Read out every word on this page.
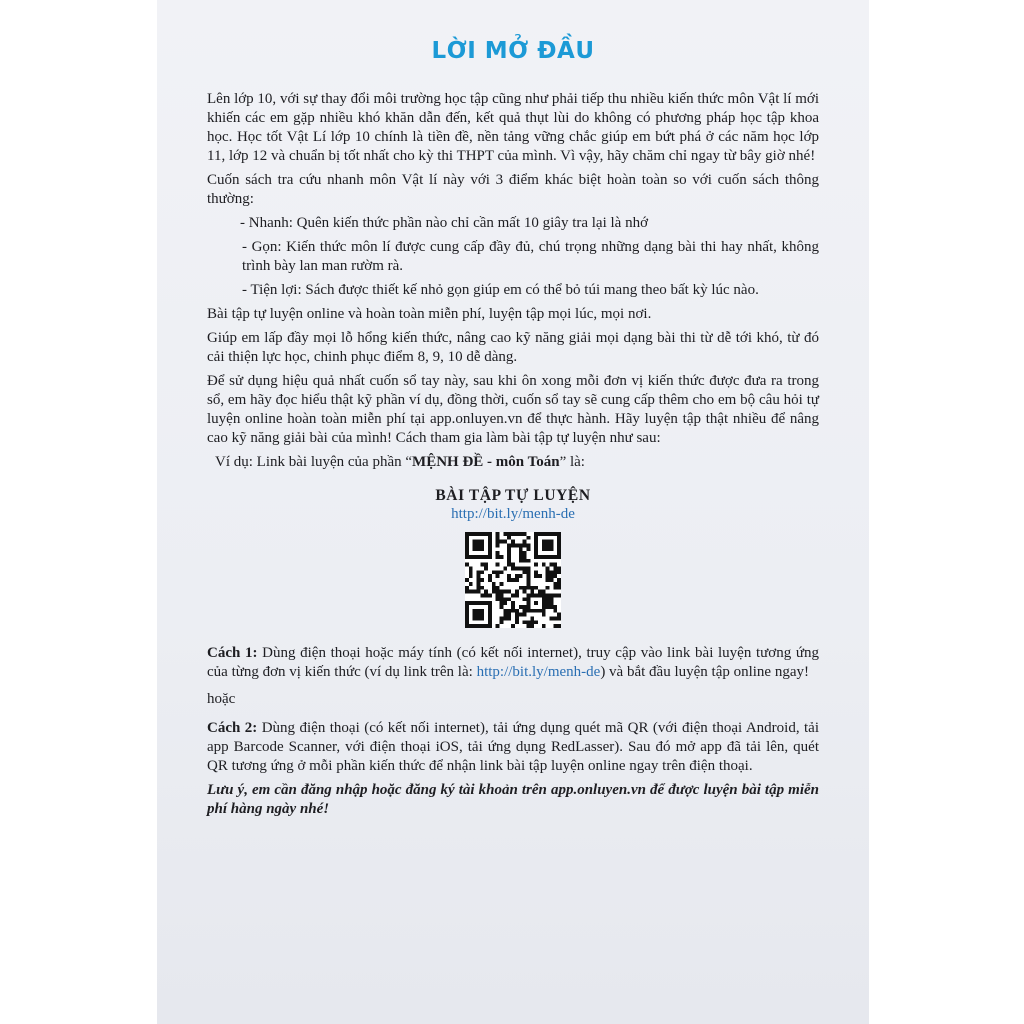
LỜI MỞ ĐẦU

Lên lớp 10, với sự thay đổi môi trường học tập cũng như phải tiếp thu nhiều kiến thức môn Vật lí mới khiến các em gặp nhiều khó khăn dẫn đến, kết quả thụt lùi do không có phương pháp học tập khoa học. Học tốt Vật Lí lớp 10 chính là tiền đề, nền tảng vững chắc giúp em bứt phá ở các năm học lớp 11, lớp 12 và chuẩn bị tốt nhất cho kỳ thi THPT của mình. Vì vậy, hãy chăm chỉ ngay từ bây giờ nhé!

Cuốn sách tra cứu nhanh môn Vật lí này với 3 điểm khác biệt hoàn toàn so với cuốn sách thông thường:

- Nhanh: Quên kiến thức phần nào chỉ cần mất 10 giây tra lại là nhớ

- Gọn: Kiến thức môn lí được cung cấp đầy đủ, chú trọng những dạng bài thi hay nhất, không trình bày lan man rườm rà.

- Tiện lợi: Sách được thiết kế nhỏ gọn giúp em có thể bỏ túi mang theo bất kỳ lúc nào.

Bài tập tự luyện online và hoàn toàn miễn phí, luyện tập mọi lúc, mọi nơi.

Giúp em lấp đầy mọi lỗ hổng kiến thức, nâng cao kỹ năng giải mọi dạng bài thi từ dễ tới khó, từ đó cải thiện lực học, chinh phục điểm 8, 9, 10 dễ dàng.

Để sử dụng hiệu quả nhất cuốn sổ tay này, sau khi ôn xong mỗi đơn vị kiến thức được đưa ra trong sổ, em hãy đọc hiểu thật kỹ phần ví dụ, đồng thời, cuốn sổ tay sẽ cung cấp thêm cho em bộ câu hỏi tự luyện online hoàn toàn miễn phí tại app.onluyen.vn để thực hành. Hãy luyện tập thật nhiều để nâng cao kỹ năng giải bài của mình! Cách tham gia làm bài tập tự luyện như sau:

Ví dụ: Link bài luyện của phần “MỆNH ĐỀ - môn Toán” là:

BÀI TẬP TỰ LUYỆN
http://bit.ly/menh-de

Cách 1: Dùng điện thoại hoặc máy tính (có kết nối internet), truy cập vào link bài luyện tương ứng của từng đơn vị kiến thức (ví dụ link trên là: http://bit.ly/menh-de) và bắt đầu luyện tập online ngay!

hoặc

Cách 2: Dùng điện thoại (có kết nối internet), tải ứng dụng quét mã QR (với điện thoại Android, tải app Barcode Scanner, với điện thoại iOS, tải ứng dụng RedLasser). Sau đó mở app đã tải lên, quét QR tương ứng ở mỗi phần kiến thức để nhận link bài tập luyện online ngay trên điện thoại.

Lưu ý, em cần đăng nhập hoặc đăng ký tài khoản trên app.onluyen.vn để được luyện bài tập miễn phí hàng ngày nhé!
